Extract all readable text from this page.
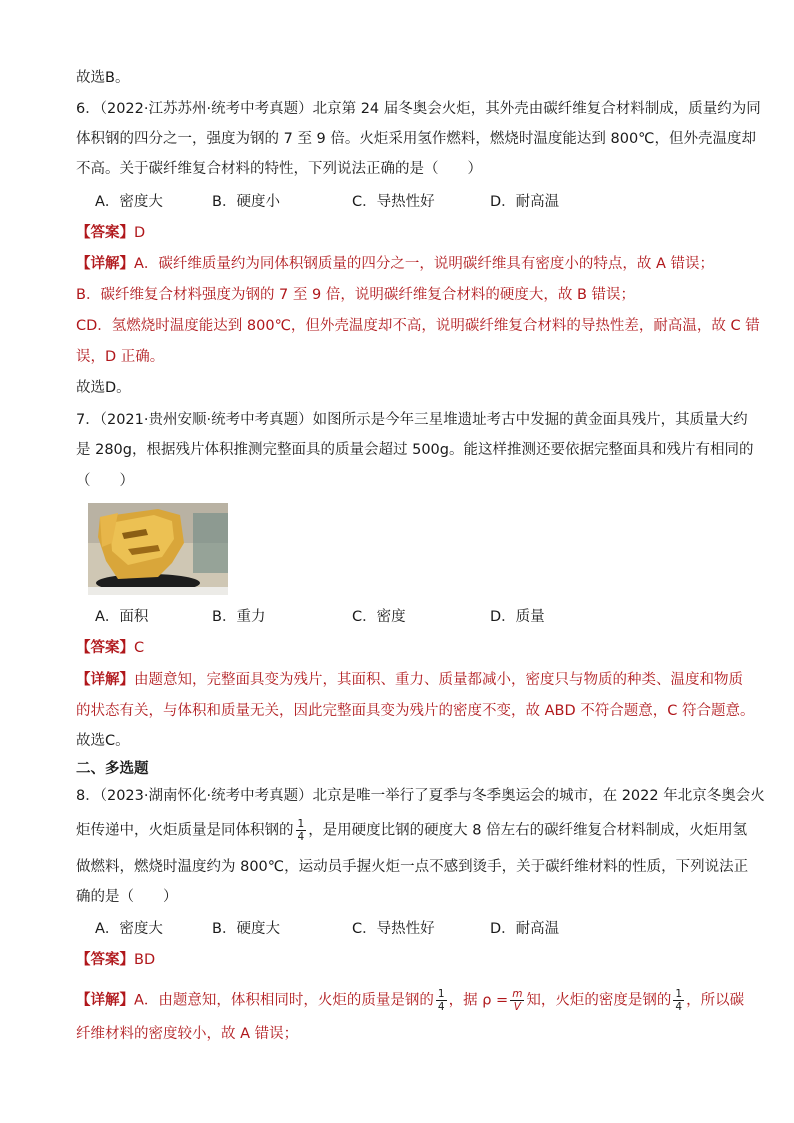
故选B。
6．（2022·江苏苏州·统考中考真题）北京第 24 届冬奥会火炬，其外壳由碳纤维复合材料制成，质量约为同
体积钢的四分之一，强度为钢的 7 至 9 倍。火炬采用氢作燃料，燃烧时温度能达到 800℃，但外壳温度却
不高。关于碳纤维复合材料的特性，下列说法正确的是（　　）
A．密度大	B．硬度小	C．导热性好	D．耐高温
【答案】D
【详解】A．碳纤维质量约为同体积钢质量的四分之一，说明碳纤维具有密度小的特点，故 A 错误；
B．碳纤维复合材料强度为钢的 7 至 9 倍，说明碳纤维复合材料的硬度大，故 B 错误；
CD．氢燃烧时温度能达到 800℃，但外壳温度却不高，说明碳纤维复合材料的导热性差，耐高温，故 C 错
误，D 正确。
故选D。
7．（2021·贵州安顺·统考中考真题）如图所示是今年三星堆遗址考古中发掘的黄金面具残片，其质量大约
是 280g，根据残片体积推测完整面具的质量会超过 500g。能这样推测还要依据完整面具和残片有相同的
（　　）
A．面积	B．重力	C．密度	D．质量
【答案】C
【详解】由题意知，完整面具变为残片，其面积、重力、质量都减小，密度只与物质的种类、温度和物质
的状态有关，与体积和质量无关，因此完整面具变为残片的密度不变，故 ABD 不符合题意，C 符合题意。
故选C。
二、多选题
8．（2023·湖南怀化·统考中考真题）北京是唯一举行了夏季与冬季奥运会的城市，在 2022 年北京冬奥会火
炬传递中，火炬质量是同体积钢的 $\frac{1}{4}$ ，是用硬度比钢的硬度大 8 倍左右的碳纤维复合材料制成，火炬用氢
做燃料，燃烧时温度约为 800℃，运动员手握火炬一点不感到烫手，关于碳纤维材料的性质，下列说法正
确的是（　　）
A．密度大	B．硬度大	C．导热性好	D．耐高温
【答案】BD
【详解】A．由题意知，体积相同时，火炬的质量是钢的 $\frac{1}{4}$ ，据 $\rho = \frac{m}{V}$ 知，火炬的密度是钢的 $\frac{1}{4}$ ，所以碳
纤维材料的密度较小，故 A 错误；
